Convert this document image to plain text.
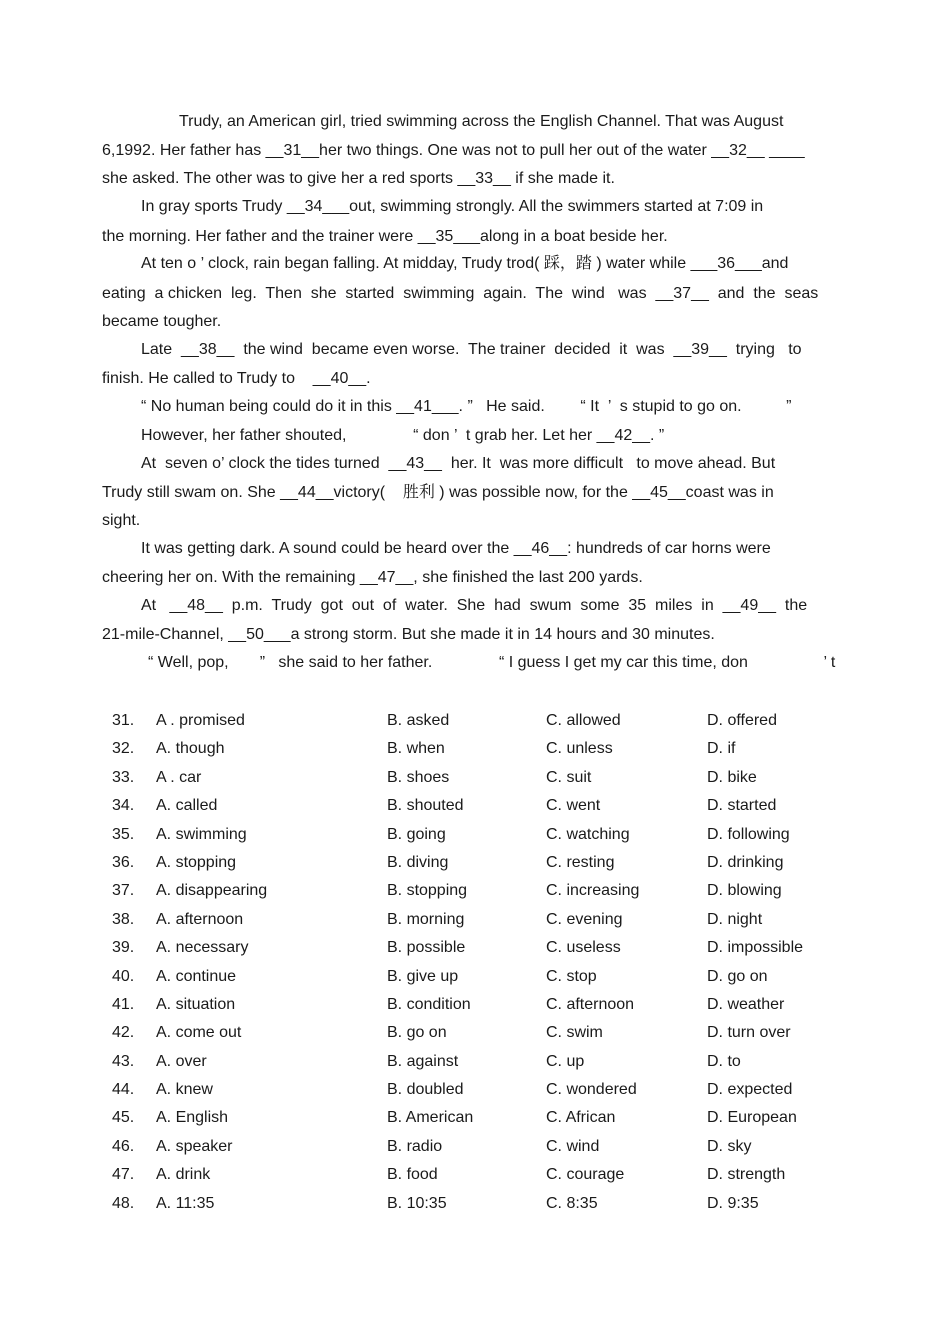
Trudy, an American girl, tried swimming across the English Channel. That was August
6,1992. Her father has __31__her two things. One was not to pull her out of the water __32__ ____
she asked. The other was to give her a red sports __33__ if she made it.
In gray sports Trudy __34___out, swimming strongly. All the swimmers started at 7:09 in
the morning. Her father and the trainer were __35___along in a boat beside her.
At ten o ’ clock, rain began falling. At midday, Trudy trod( 踩，踏 ) water while ___36___and
eating  a chicken  leg.  Then  she  started  swimming  again.  The  wind   was  __37__  and  the  seas
became tougher.
Late  __38__  the wind  became even worse.  The trainer  decided  it  was  __39__  trying   to
finish. He called to Trudy to    __40__.
“ No human being could do it in this __41___. ”   He said.        “ It  ’  s stupid to go on.          ”
However, her father shouted,               “ don ’  t grab her. Let her __42__. ”
At  seven o’ clock the tides turned  __43__  her. It  was more difficult   to move ahead. But
Trudy still swam on. She __44__victory(    胜利 ) was possible now, for the __45__coast was in
sight.
It was getting dark. A sound could be heard over the __46__: hundreds of car horns were
cheering her on. With the remaining __47__, she finished the last 200 yards.
At   __48__  p.m.  Trudy  got  out  of  water.  She  had  swum  some  35  miles  in  __49__  the
21-mile-Channel, __50___a strong storm. But she made it in 14 hours and 30 minutes.
“ Well, pop,       ”   she said to her father.               “ I guess I get my car this time, don                 ’ t
31. A . promised	B. asked	C. allowed	D. offered
32. A. though	B. when	C. unless	D. if
33. A . car	B. shoes	C. suit	D. bike
34. A. called	B. shouted	C. went	D. started
35. A. swimming	B. going	C. watching	D. following
36. A. stopping	B. diving	C. resting	D. drinking
37. A. disappearing	B. stopping	C. increasing	D. blowing
38. A. afternoon	B. morning	C. evening	D. night
39. A. necessary	B. possible	C. useless	D. impossible
40. A. continue	B. give up	C. stop	D. go on
41. A. situation	B. condition	C. afternoon	D. weather
42. A. come out	B. go on	C. swim	D. turn over
43. A. over	B. against	C. up	D. to
44. A. knew	B. doubled	C. wondered	D. expected
45. A. English	B. American	C. African	D. European
46. A. speaker	B. radio	C. wind	D. sky
47. A. drink	B. food	C. courage	D. strength
48. A. 11:35	B. 10:35	C. 8:35	D. 9:35
